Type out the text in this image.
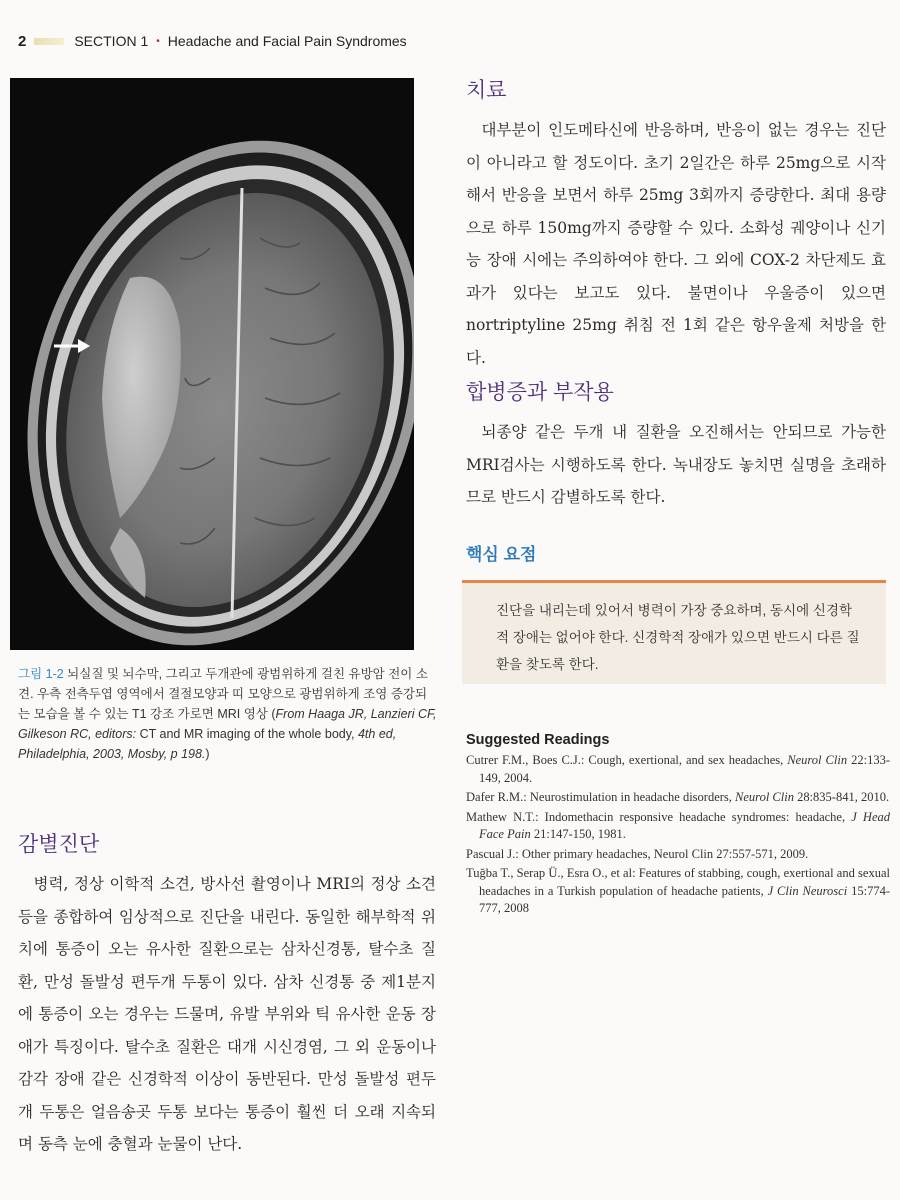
2	SECTION 1 • Headache and Facial Pain Syndromes
그림 1-2 뇌실질 및 뇌수막, 그리고 두개관에 광범위하게 걸친 유방암 전이 소견. 우측 전측두엽 영역에서 결절모양과 띠 모양으로 광범위하게 조영 증강되는 모습을 볼 수 있는 T1 강조 가로면 MRI 영상 (From Haaga JR, Lanzieri CF, Gilkeson RC, editors: CT and MR imaging of the whole body, 4th ed, Philadelphia, 2003, Mosby, p 198.)
감별진단

병력, 정상 이학적 소견, 방사선 촬영이나 MRI의 정상 소견 등을 종합하여 임상적으로 진단을 내린다. 동일한 해부학적 위치에 통증이 오는 유사한 질환으로는 삼차신경통, 탈수초 질환, 만성 돌발성 편두개 두통이 있다. 삼차 신경통 중 제1분지에 통증이 오는 경우는 드물며, 유발 부위와 틱 유사한 운동 장애가 특징이다. 탈수초 질환은 대개 시신경염, 그 외 운동이나 감각 장애 같은 신경학적 이상이 동반된다. 만성 돌발성 편두개 두통은 얼음송곳 두통 보다는 통증이 훨씬 더 오래 지속되며 동측 눈에 충혈과 눈물이 난다.

치료

대부분이 인도메타신에 반응하며, 반응이 없는 경우는 진단이 아니라고 할 정도이다. 초기 2일간은 하루 25mg으로 시작해서 반응을 보면서 하루 25mg 3회까지 증량한다. 최대 용량으로 하루 150mg까지 증량할 수 있다. 소화성 궤양이나 신기능 장애 시에는 주의하여야 한다. 그 외에 COX-2 차단제도 효과가 있다는 보고도 있다. 불면이나 우울증이 있으면 nortriptyline 25mg 취침 전 1회 같은 항우울제 처방을 한다.

합병증과 부작용

뇌종양 같은 두개 내 질환을 오진해서는 안되므로 가능한 MRI검사는 시행하도록 한다. 녹내장도 놓치면 실명을 초래하므로 반드시 감별하도록 한다.

핵심 요점

진단을 내리는데 있어서 병력이 가장 중요하며, 동시에 신경학적 장애는 없어야 한다. 신경학적 장애가 있으면 반드시 다른 질환을 찾도록 한다.

Suggested Readings

Cutrer F.M., Boes C.J.: Cough, exertional, and sex headaches, Neurol Clin 22:133-149, 2004.

Dafer R.M.: Neurostimulation in headache disorders, Neurol Clin 28:835-841, 2010.

Mathew N.T.: Indomethacin responsive headache syndromes: headache, J Head Face Pain 21:147-150, 1981.

Pascual J.: Other primary headaches, Neurol Clin 27:557-571, 2009.

Tuğba T., Serap Ü., Esra O., et al: Features of stabbing, cough, exertional and sexual headaches in a Turkish population of headache patients, J Clin Neurosci 15:774-777, 2008
